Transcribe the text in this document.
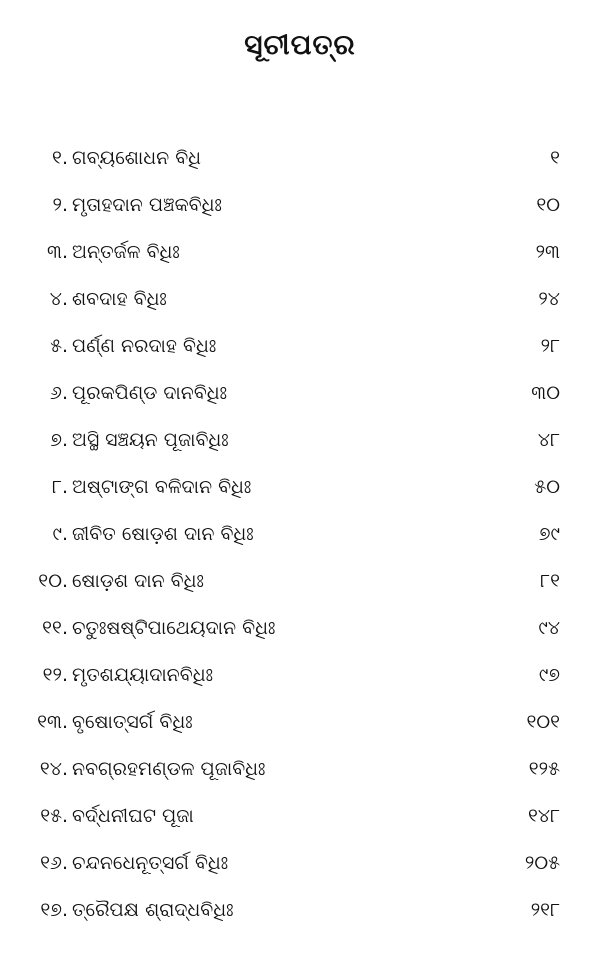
ସୂଚୀପତ୍ର
୧. ଗବ୍ୟଶୋଧନ ବିଧି	୧
୨. ମୃତାହଦାନ ପଞ୍ଚକବିଧିଃ	୧୦
୩. ଅନ୍ତର୍ଜଳ ବିଧିଃ	୨୩
୪. ଶବଦାହ ବିଧିଃ	୨୪
୫. ପର୍ଣ୍ଣ ନରଦାହ ବିଧିଃ	୨୮
୬. ପୂରକପିଣ୍ଡ ଦାନବିଧିଃ	୩୦
୭. ଅସ୍ଥି ସଞ୍ଚୟନ ପୂଜାବିଧିଃ	୪୮
୮. ଅଷ୍ଟାଙ୍ଗ ବଳିଦାନ ବିଧିଃ	୫୦
୯. ଜୀବିତ ଷୋଡ଼ଶ ଦାନ ବିଧିଃ	୭୯
୧୦. ଷୋଡ଼ଶ ଦାନ ବିଧିଃ	୮୧
୧୧. ଚତୁଃଷଷ୍ଟିପାଥେୟଦାନ ବିଧିଃ	୯୪
୧୨. ମୃତଶଯ୍ୟାଦାନବିଧିଃ	୯୭
୧୩. ବୃଷୋତ୍ସର୍ଗ ବିଧିଃ	୧୦୧
୧୪. ନବଗ୍ରହମଣ୍ଡଳ ପୂଜାବିଧିଃ	୧୨୫
୧୫. ବର୍ଦ୍ଧନୀଘଟ ପୂଜା	୧୪୮
୧୬. ଚନ୍ଦନଧେନୂତ୍ସର୍ଗ ବିଧିଃ	୨୦୫
୧୭. ତ୍ରୈପକ୍ଷ ଶ୍ରାଦ୍ଧବିଧିଃ	୨୧୮
